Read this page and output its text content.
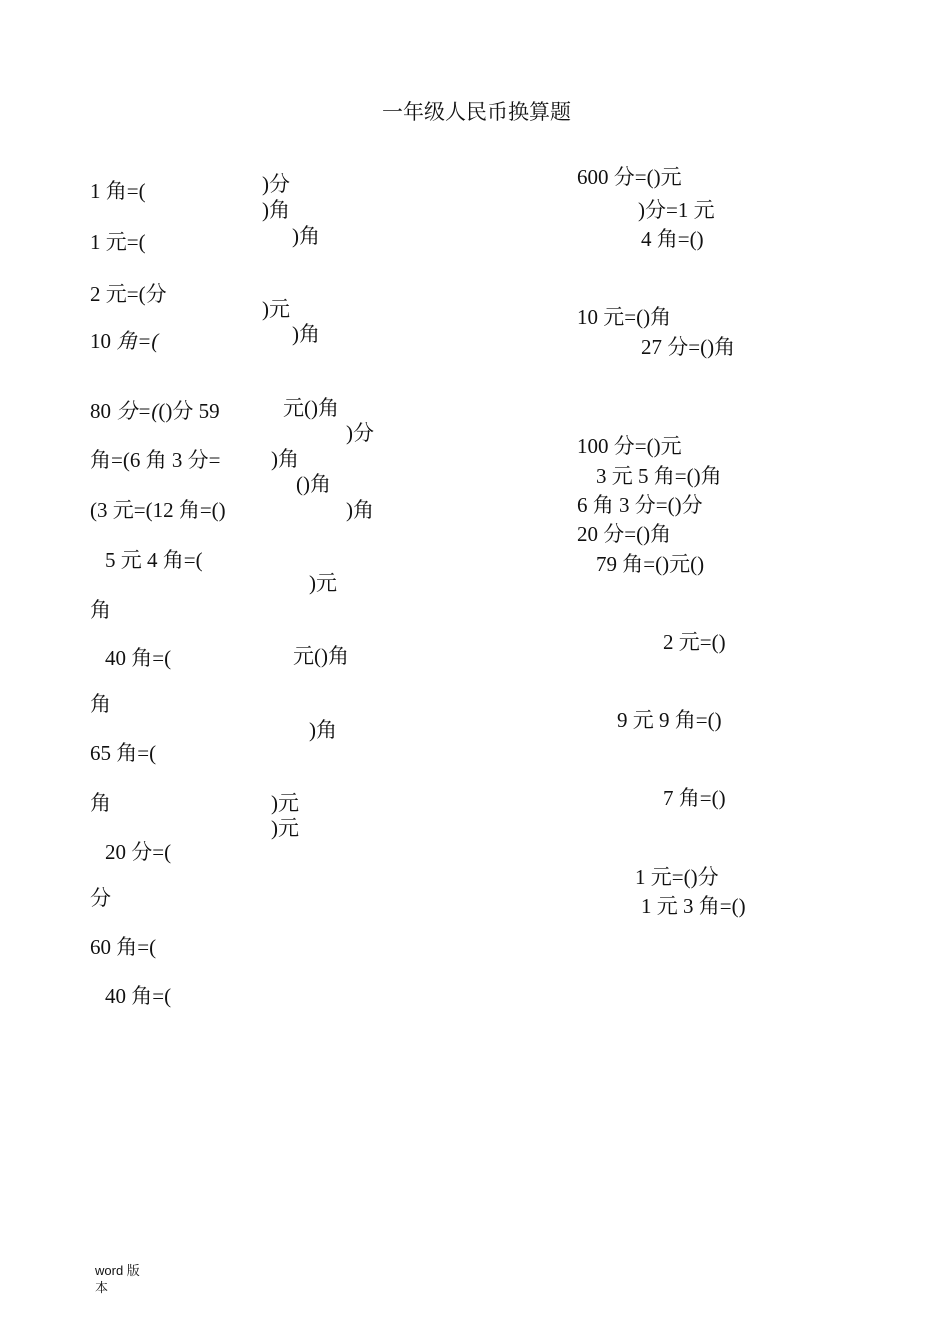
一年级人民币换算题
1 角=(
1 元=(
2 元=(分
10 角=(
80 分=(()分 59
角=(6 角 3 分=
(3 元=(12 角=()
5 元 4 角=(
角
40 角=(
角
65 角=(
角
20 分=(
分
60 角=(
40 角=(
)分
)角
)角
)元
)角
元()角
)分
)角
()角
)角
)元
元()角
)角
)元
)元
600 分=()元
)分=1 元
4 角=()
10 元=()角
27 分=()角
100 分=()元
3 元 5 角=()角
6 角 3 分=()分
20 分=()角
79 角=()元()
2 元=()
9 元 9 角=()
7 角=()
1 元=()分
1 元 3 角=()
word 版
本
